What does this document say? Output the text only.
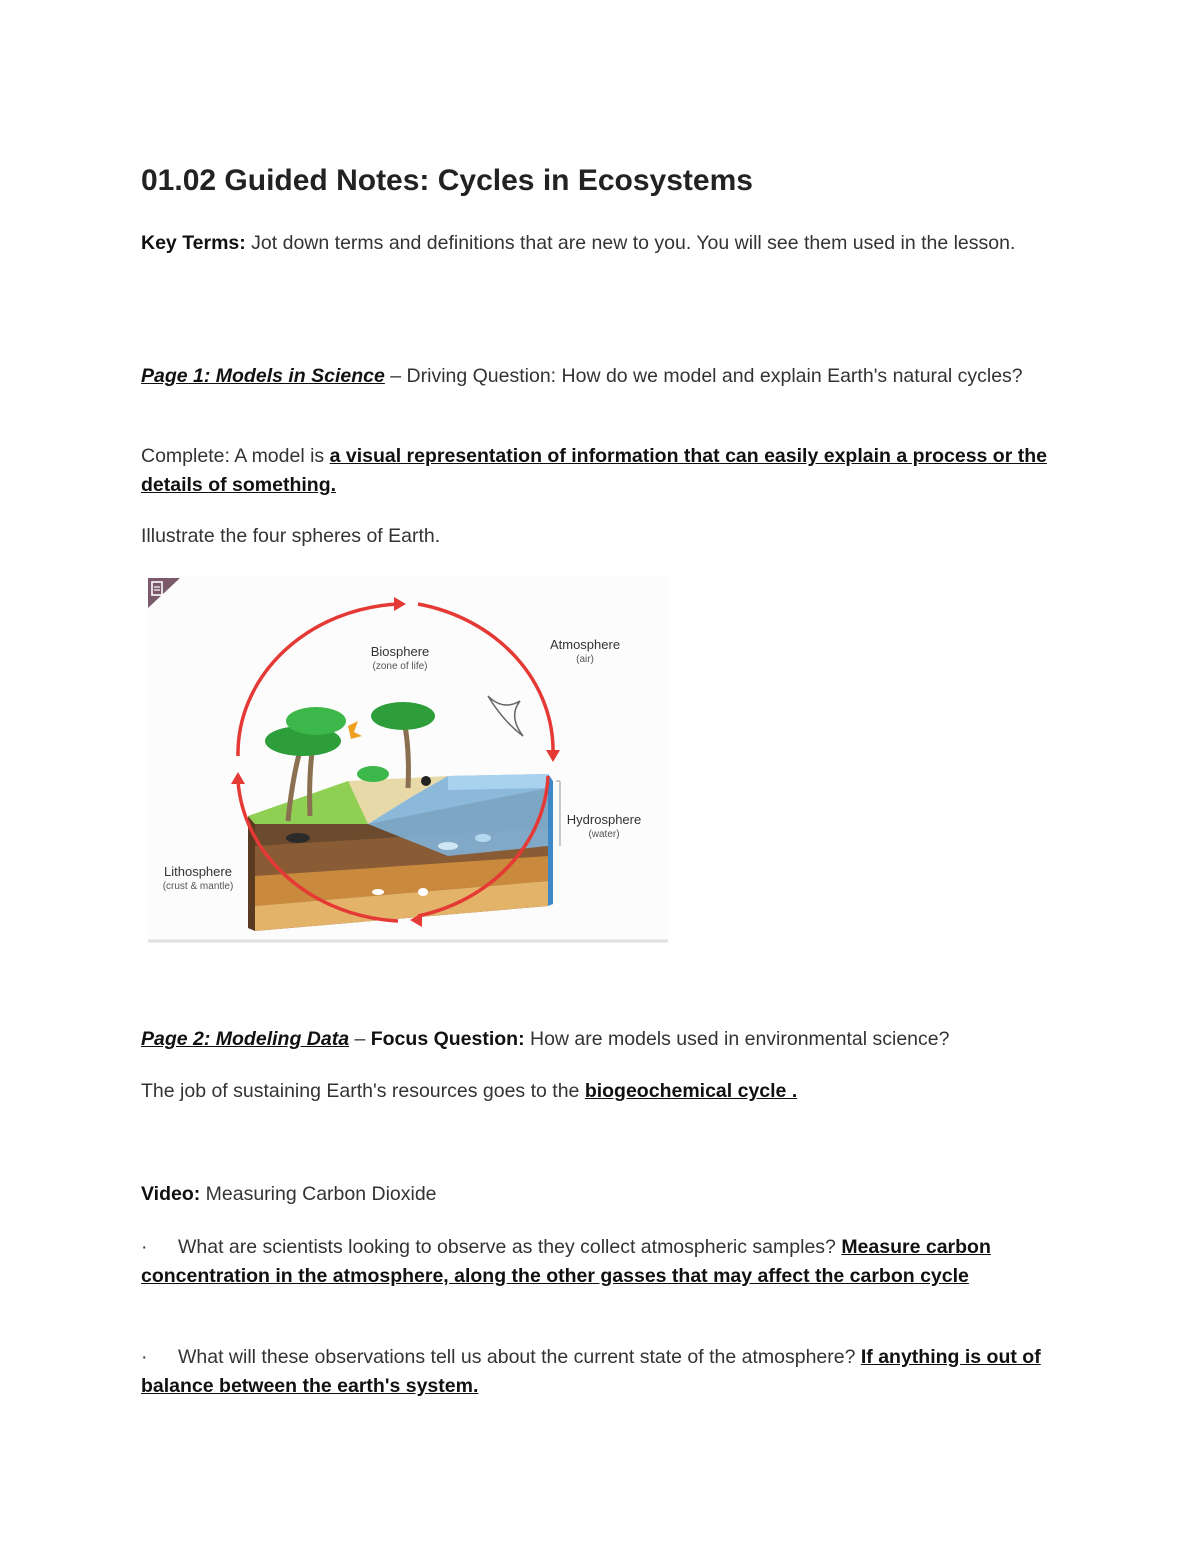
01.02 Guided Notes: Cycles in Ecosystems
Key Terms: Jot down terms and definitions that are new to you. You will see them used in the lesson.
Page 1: Models in Science – Driving Question: How do we model and explain Earth's natural cycles?
Complete: A model is a visual representation of information that can easily explain a process or the details of something.
Illustrate the four spheres of Earth.
Biosphere
(zone of life)
Atmosphere
(air)
Hydrosphere
(water)
Lithosphere
(crust & mantle)
Page 2: Modeling Data – Focus Question: How are models used in environmental science?
The job of sustaining Earth's resources goes to the biogeochemical cycle .
Video: Measuring Carbon Dioxide
· What are scientists looking to observe as they collect atmospheric samples? Measure carbon concentration in the atmosphere, along the other gasses that may affect the carbon cycle
· What will these observations tell us about the current state of the atmosphere? If anything is out of balance between the earth's system.
